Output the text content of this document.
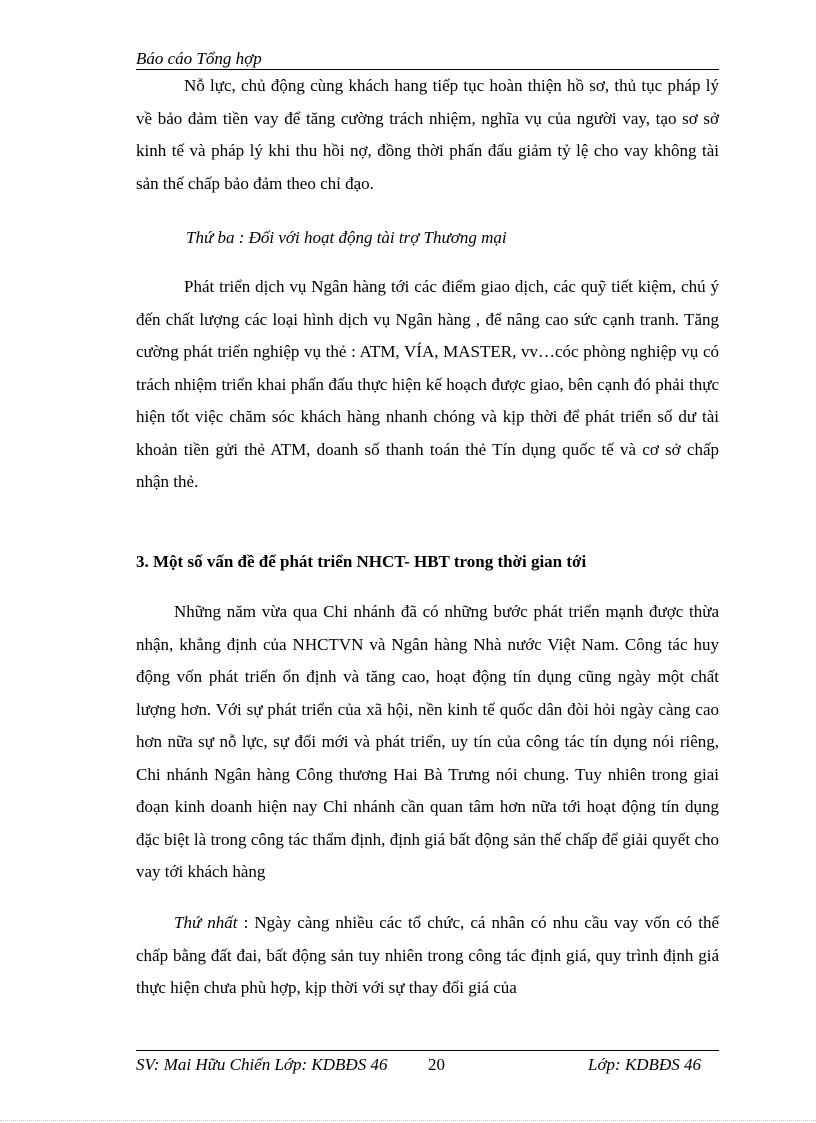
Báo cáo Tổng hợp

Nỗ lực, chủ động cùng khách hang tiếp tục hoàn thiện hồ sơ, thủ tục pháp lý về bảo đảm tiền vay để tăng cường trách nhiệm, nghĩa vụ của người vay, tạo sơ sở kinh tế và pháp lý khi thu hồi nợ, đồng thời phấn đấu giảm tỷ lệ cho vay không tài sản thế chấp bảo đảm theo chỉ đạo.

Thứ ba : Đối với hoạt động tài trợ Thương mại

Phát triển dịch vụ Ngân hàng tới các điểm giao dịch, các quỹ tiết kiệm, chú ý đến chất lượng các loại hình dịch vụ Ngân hàng , để nâng cao sức cạnh tranh. Tăng cường phát triển nghiệp vụ thẻ : ATM, VÍA, MASTER, vv…cóc phòng nghiệp vụ có trách nhiệm triển khai phấn đấu thực hiện kế hoạch được giao, bên cạnh đó phải thực hiện tốt việc chăm sóc khách hàng nhanh chóng và kịp thời để phát triển số dư tài khoản tiền gửi thẻ ATM, doanh số thanh toán thẻ Tín dụng quốc tế và cơ sở chấp nhận thẻ.

3. Một số vấn đề để phát triển NHCT- HBT trong thời gian tới

Những năm vừa qua Chi nhánh đã có những bước phát triển mạnh được thừa nhận, khẳng định của NHCTVN và Ngân hàng Nhà nước Việt Nam. Công tác huy động vốn phát triển ổn định và tăng cao, hoạt động tín dụng cũng ngày một chất lượng hơn. Với sự phát triển của xã hội, nền kinh tế quốc dân đòi hỏi ngày càng cao hơn nữa sự nỗ lực, sự đổi mới và phát triển, uy tín của công tác tín dụng nói riêng, Chi nhánh Ngân hàng Công thương Hai Bà Trưng nói chung. Tuy nhiên trong giai đoạn kinh doanh hiện nay Chi nhánh cần quan tâm hơn nữa tới hoạt động tín dụng đặc biệt là trong công tác thẩm định, định giá bất động sản thế chấp để giải quyết cho vay tới khách hàng

Thứ nhất : Ngày càng nhiều các tổ chức, cá nhân có nhu cầu vay vốn có thế chấp bằng đất đai, bất động sản tuy nhiên trong công tác định giá, quy trình định giá thực hiện chưa phù hợp, kịp thời với sự thay đổi giá của

SV: Mai Hữu Chiến Lớp: KDBĐS 46 20	Lớp: KDBĐS 46
